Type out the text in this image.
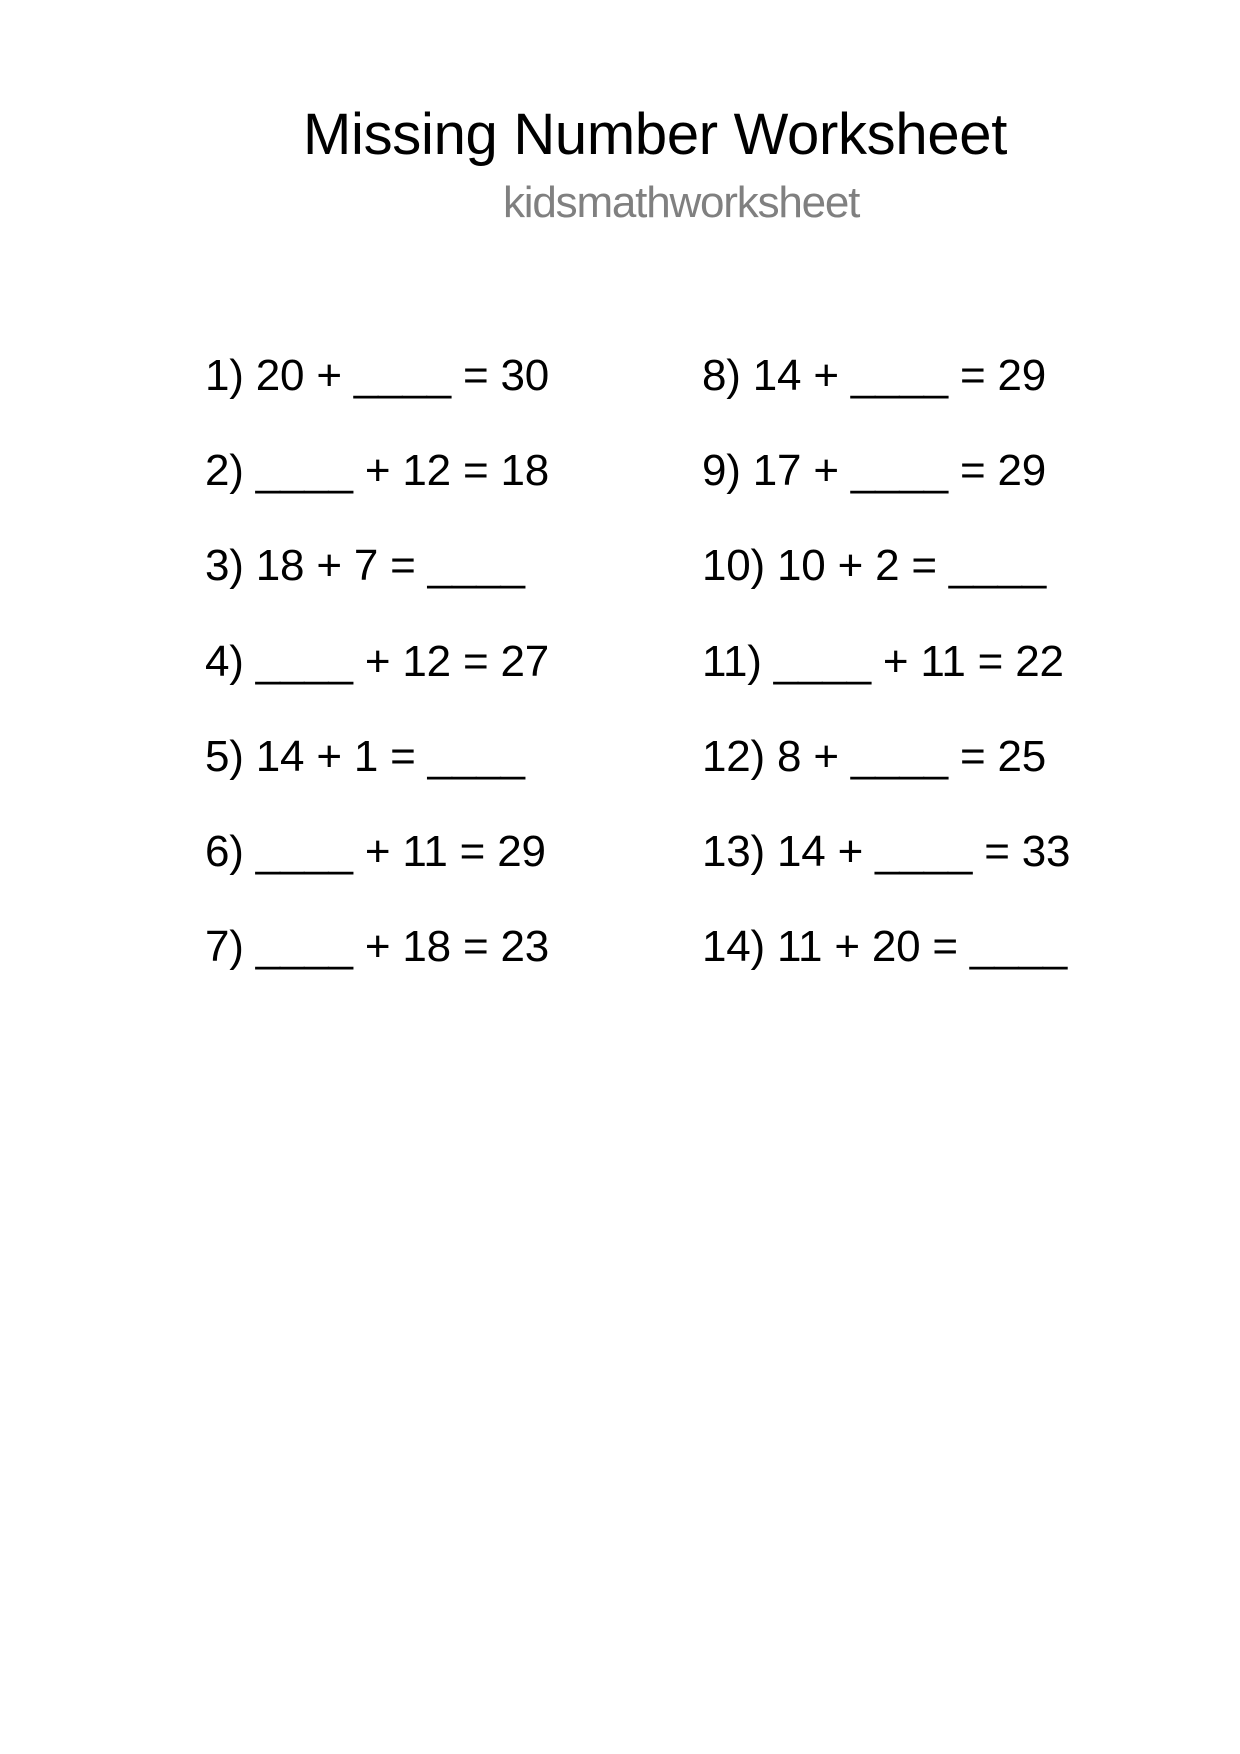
Missing Number Worksheet
kidsmathworksheet
1) 20 + ____ = 30
2) ____ + 12 = 18
3) 18 + 7 = ____
4) ____ + 12 = 27
5) 14 + 1 = ____
6) ____ + 11 = 29
7) ____ + 18 = 23
8) 14 + ____ = 29
9) 17 + ____ = 29
10) 10 + 2 = ____
11) ____ + 11 = 22
12) 8 + ____ = 25
13) 14 + ____ = 33
14) 11 + 20 = ____
